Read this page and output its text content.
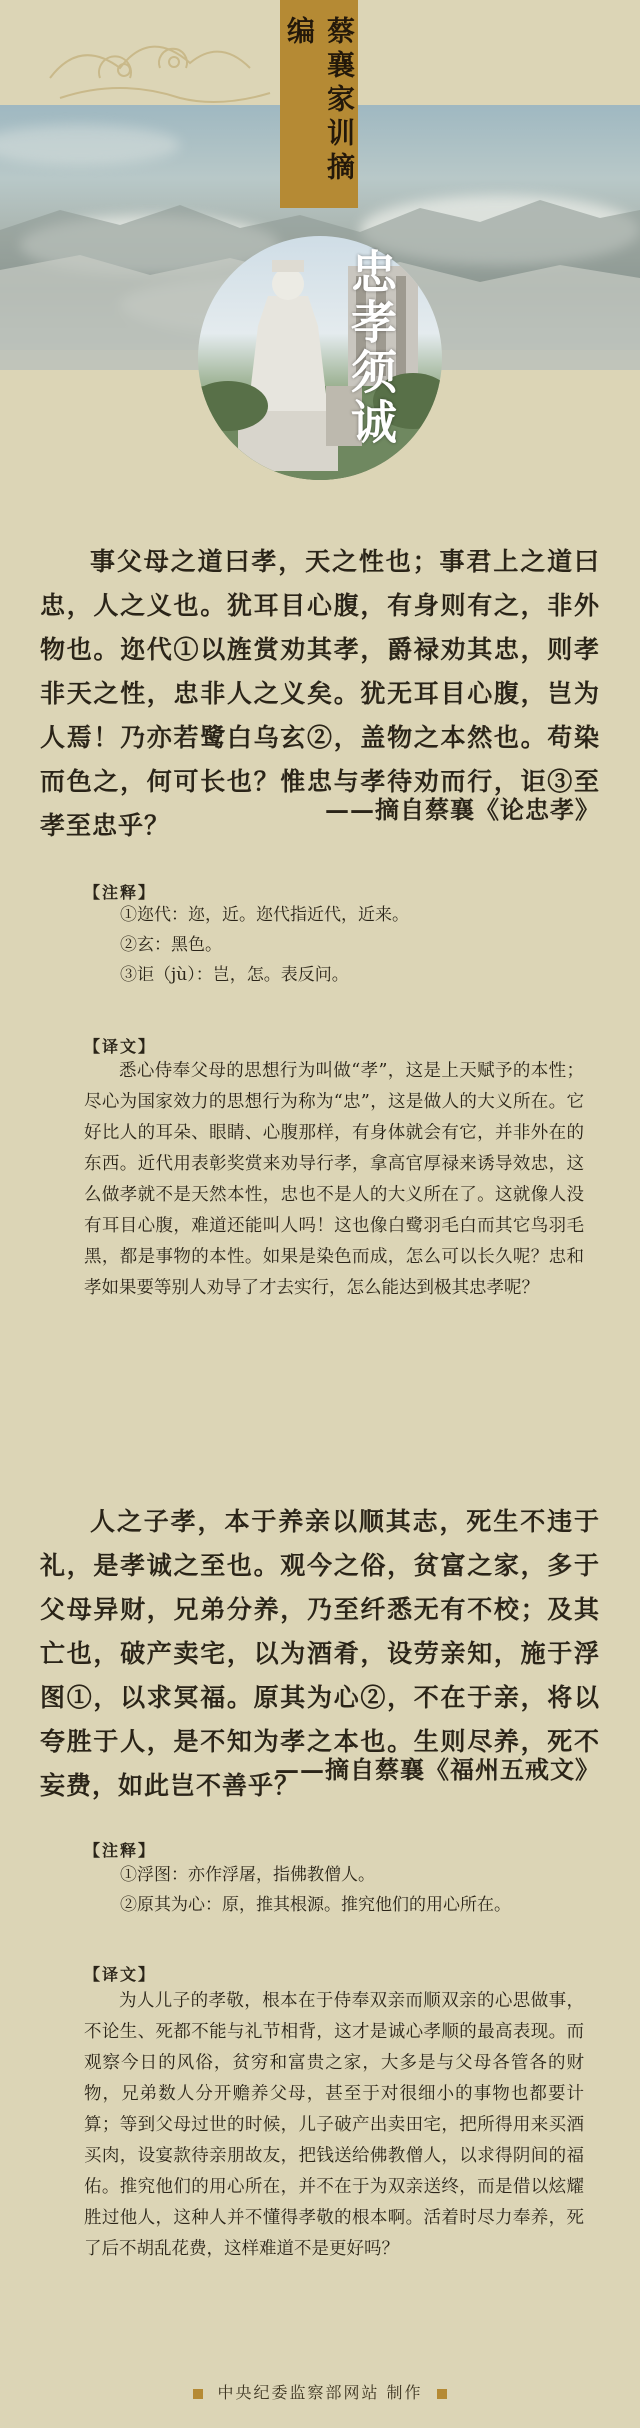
蔡襄家训摘编
忠孝须诚
事父母之道曰孝，天之性也；事君上之道曰忠，人之义也。犹耳目心腹，有身则有之，非外物也。迩代①以旌赏劝其孝，爵禄劝其忠，则孝非天之性，忠非人之义矣。犹无耳目心腹，岂为人焉！乃亦若鹭白乌玄②，盖物之本然也。苟染而色之，何可长也？惟忠与孝待劝而行，讵③至孝至忠乎？
——摘自蔡襄《论忠孝》
【注释】
①迩代：迩，近。迩代指近代，近来。
②玄：黑色。
③讵（jù）：岂，怎。表反问。
【译文】
悉心侍奉父母的思想行为叫做“孝”，这是上天赋予的本性；尽心为国家效力的思想行为称为“忠”，这是做人的大义所在。它好比人的耳朵、眼睛、心腹那样，有身体就会有它，并非外在的东西。近代用表彰奖赏来劝导行孝，拿高官厚禄来诱导效忠，这么做孝就不是天然本性，忠也不是人的大义所在了。这就像人没有耳目心腹，难道还能叫人吗！这也像白鹭羽毛白而其它鸟羽毛黑，都是事物的本性。如果是染色而成，怎么可以长久呢？忠和孝如果要等别人劝导了才去实行，怎么能达到极其忠孝呢？
人之子孝，本于养亲以顺其志，死生不违于礼，是孝诚之至也。观今之俗，贫富之家，多于父母异财，兄弟分养，乃至纤悉无有不校；及其亡也，破产卖宅，以为酒肴，设劳亲知，施于浮图①，以求冥福。原其为心②，不在于亲，将以夸胜于人，是不知为孝之本也。生则尽养，死不妄费，如此岂不善乎？
——摘自蔡襄《福州五戒文》
【注释】
①浮图：亦作浮屠，指佛教僧人。
②原其为心：原，推其根源。推究他们的用心所在。
【译文】
为人儿子的孝敬，根本在于侍奉双亲而顺双亲的心思做事，不论生、死都不能与礼节相背，这才是诚心孝顺的最高表现。而观察今日的风俗，贫穷和富贵之家，大多是与父母各管各的财物，兄弟数人分开赡养父母，甚至于对很细小的事物也都要计算；等到父母过世的时候，儿子破产出卖田宅，把所得用来买酒买肉，设宴款待亲朋故友，把钱送给佛教僧人，以求得阴间的福佑。推究他们的用心所在，并不在于为双亲送终，而是借以炫耀胜过他人，这种人并不懂得孝敬的根本啊。活着时尽力奉养，死了后不胡乱花费，这样难道不是更好吗？
中央纪委监察部网站 制作
